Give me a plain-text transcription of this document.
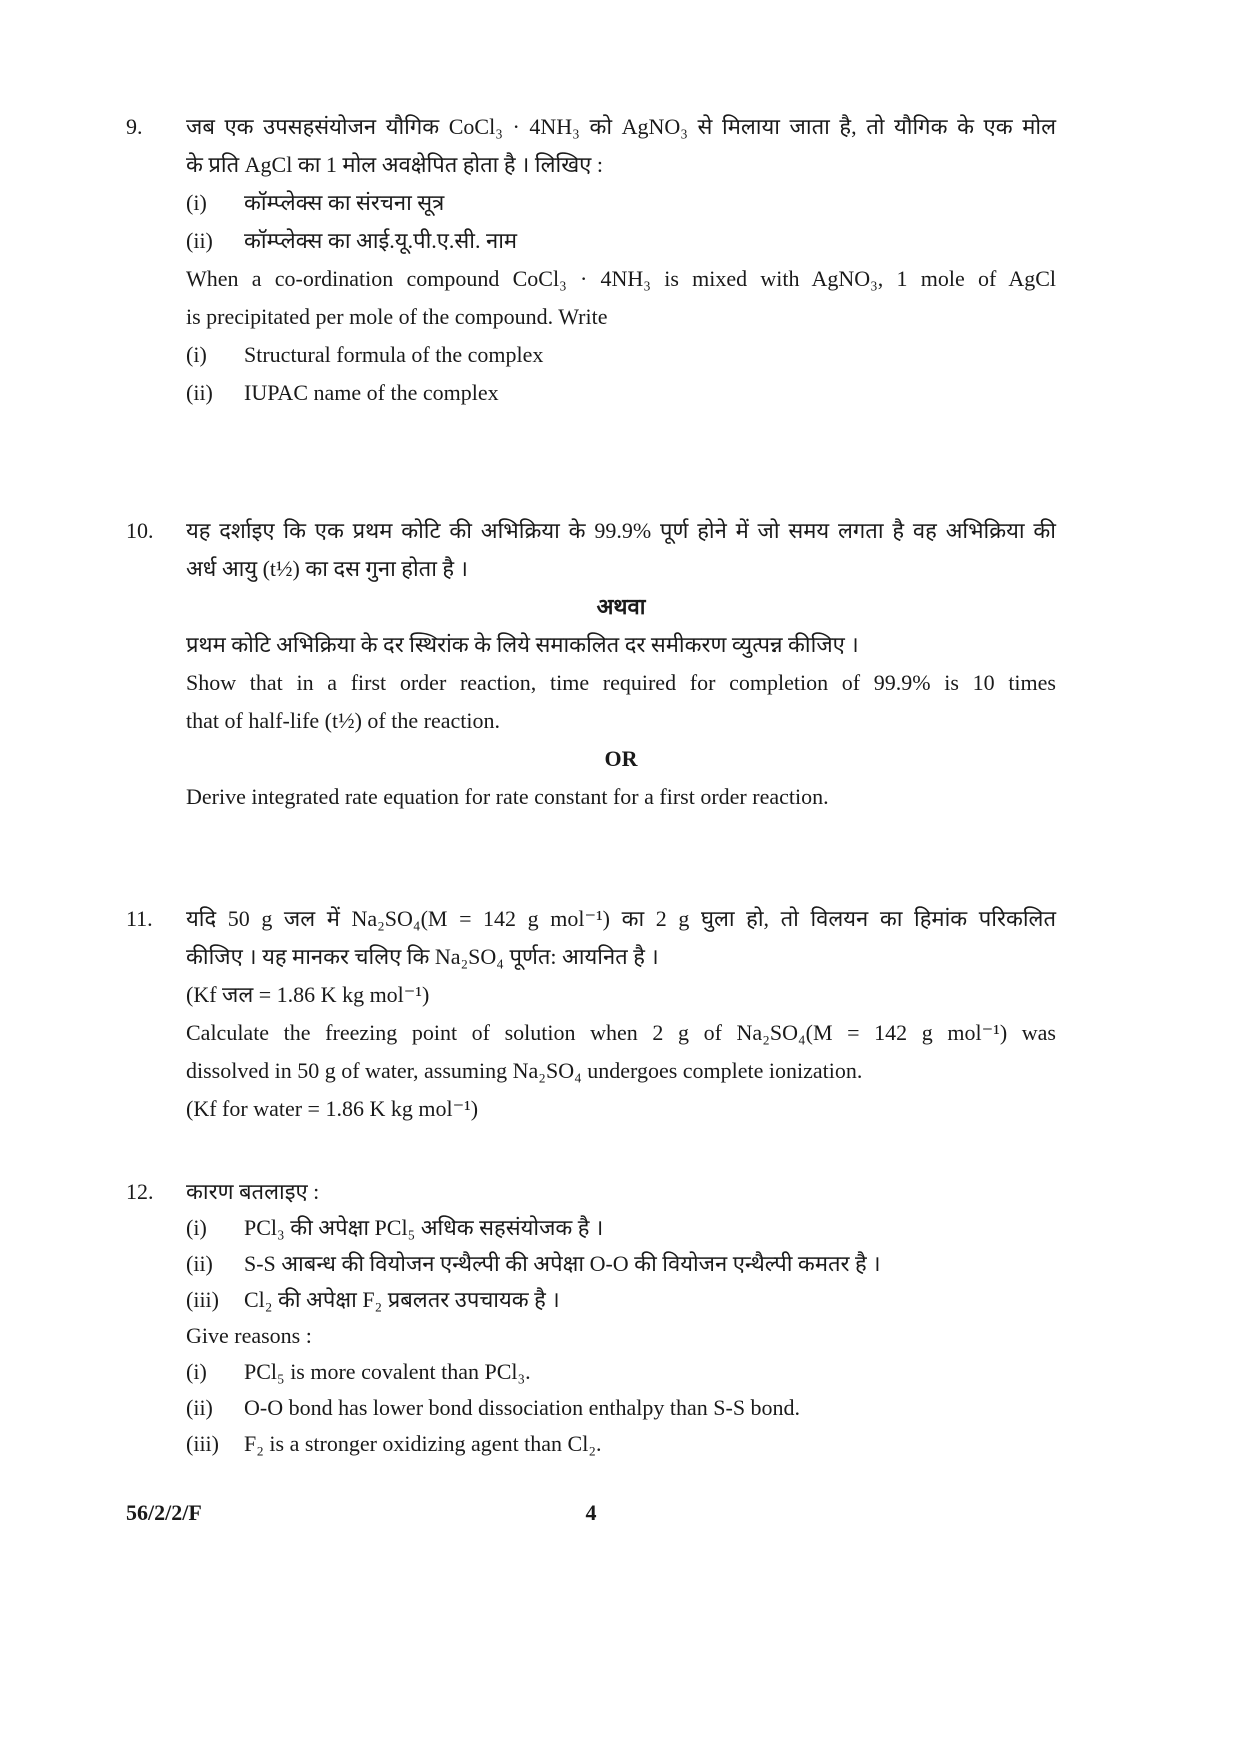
9. जब एक उपसहसंयोजन यौगिक CoCl₃ · 4NH₃ को AgNO₃ से मिलाया जाता है, तो यौगिक के एक मोल
के प्रति AgCl का 1 मोल अवक्षेपित होता है । लिखिए :
(i) कॉम्प्लेक्स का संरचना सूत्र
(ii) कॉम्प्लेक्स का आई.यू.पी.ए.सी. नाम
When a co-ordination compound CoCl₃ · 4NH₃ is mixed with AgNO₃, 1 mole of AgCl
is precipitated per mole of the compound. Write
(i) Structural formula of the complex
(ii) IUPAC name of the complex
10. यह दर्शाइए कि एक प्रथम कोटि की अभिक्रिया के 99.9% पूर्ण होने में जो समय लगता है वह अभिक्रिया की
अर्ध आयु (t½) का दस गुना होता है ।
अथवा
प्रथम कोटि अभिक्रिया के दर स्थिरांक के लिये समाकलित दर समीकरण व्युत्पन्न कीजिए ।
Show that in a first order reaction, time required for completion of 99.9% is 10 times
that of half-life (t½) of the reaction.
OR
Derive integrated rate equation for rate constant for a first order reaction.
11. यदि 50 g जल में Na₂SO₄(M = 142 g mol⁻¹) का 2 g घुला हो, तो विलयन का हिमांक परिकलित
कीजिए । यह मानकर चलिए कि Na₂SO₄ पूर्णत: आयनित है ।
(Kf जल = 1.86 K kg mol⁻¹)
Calculate the freezing point of solution when 2 g of Na₂SO₄(M = 142 g mol⁻¹) was
dissolved in 50 g of water, assuming Na₂SO₄ undergoes complete ionization.
(Kf for water = 1.86 K kg mol⁻¹)
12. कारण बतलाइए :
(i) PCl₃ की अपेक्षा PCl₅ अधिक सहसंयोजक है ।
(ii) S-S आबन्ध की वियोजन एन्थैल्पी की अपेक्षा O-O की वियोजन एन्थैल्पी कमतर है ।
(iii) Cl₂ की अपेक्षा F₂ प्रबलतर उपचायक है ।
Give reasons :
(i) PCl₅ is more covalent than PCl₃.
(ii) O-O bond has lower bond dissociation enthalpy than S-S bond.
(iii) F₂ is a stronger oxidizing agent than Cl₂.
56/2/2/F	4
